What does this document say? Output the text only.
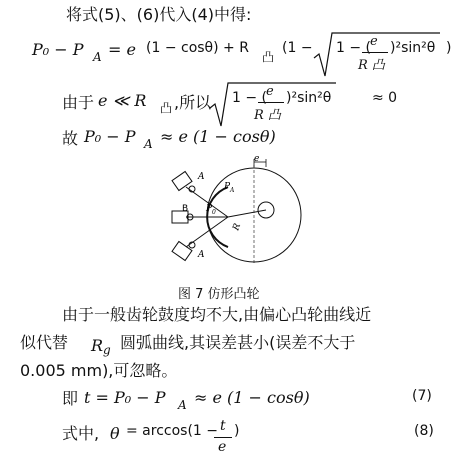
将式(5)、(6)代入(4)中得:
P₀ − P A = e (1 − cosθ) + R
凸
(1 − 1 − ( e
R 凸
)²sin²θ )
由于 e ≪ R 凸 ,所以 1 − ( e
R 凸
)²sin²θ	≈ 0
故 P₀ − P A ≈ e (1 − cosθ)
e
A
B
A
P A
P 0
R
图 7 仿形凸轮
由于一般齿轮鼓度均不大,由偏心凸轮曲线近
似代替 R g 圆弧曲线,其误差甚小(误差不大于
0.005 mm),可忽略。
即 t = P₀ − P A ≈ e (1 − cosθ)	(7)
式中, θ = arccos(1 − t
e
)	(8)
